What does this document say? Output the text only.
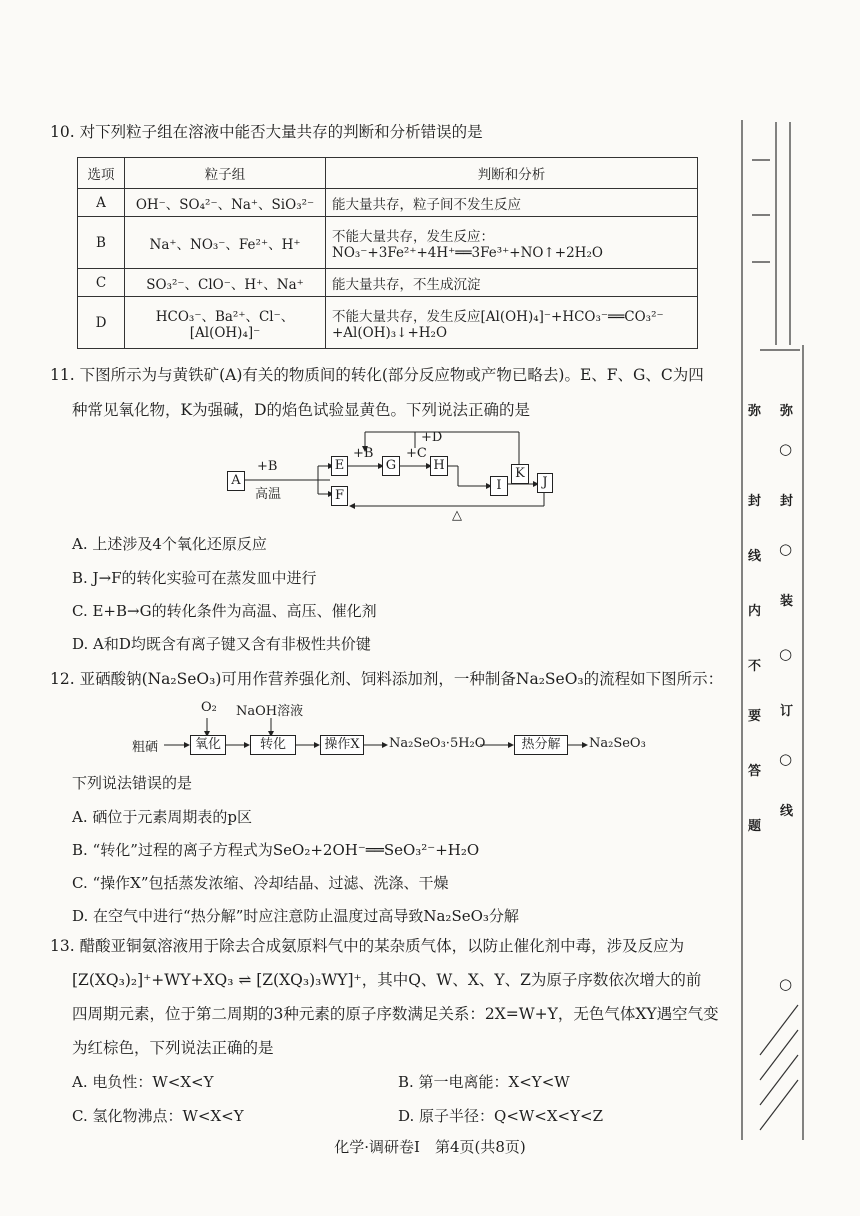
10. 对下列粒子组在溶液中能否大量共存的判断和分析错误的是
选项	粒子组	判断和分析
A	OH⁻、SO₄²⁻、Na⁺、SiO₃²⁻	能大量共存，粒子间不发生反应
B	Na⁺、NO₃⁻、Fe²⁺、H⁺	不能大量共存，发生反应：
NO₃⁻+3Fe²⁺+4H⁺══3Fe³⁺+NO↑+2H₂O

C	SO₃²⁻、ClO⁻、H⁺、Na⁺	能大量共存，不生成沉淀
D	HCO₃⁻、Ba²⁺、Cl⁻、[Al(OH)₄]⁻	不能大量共存，发生反应[Al(OH)₄]⁻+HCO₃⁻══CO₃²⁻
+Al(OH)₃↓+H₂O
11. 下图所示为与黄铁矿(A)有关的物质间的转化(部分反应物或产物已略去)。E、F、G、C为四
种常见氧化物，K为强碱，D的焰色试验显黄色。下列说法正确的是
A
E
F
G	H
I
K
J
+B
高温
+B	+C
+D
△
A. 上述涉及4个氧化还原反应
B. J→F的转化实验可在蒸发皿中进行
C. E+B→G的转化条件为高温、高压、催化剂
D. A和D均既含有离子键又含有非极性共价键
12. 亚硒酸钠(Na₂SeO₃)可用作营养强化剂、饲料添加剂，一种制备Na₂SeO₃的流程如下图所示：
O₂ NaOH溶液
粗硒	氧化	转化	操作X	Na₂SeO₃·5H₂O	热分解	Na₂SeO₃
下列说法错误的是
A. 硒位于元素周期表的p区
B. “转化”过程的离子方程式为SeO₂+2OH⁻══SeO₃²⁻+H₂O
C. “操作X”包括蒸发浓缩、冷却结晶、过滤、洗涤、干燥
D. 在空气中进行“热分解”时应注意防止温度过高导致Na₂SeO₃分解
13. 醋酸亚铜氨溶液用于除去合成氨原料气中的某杂质气体，以防止催化剂中毒，涉及反应为
[Z(XQ₃)₂]⁺+WY+XQ₃ ⇌ [Z(XQ₃)₃WY]⁺，其中Q、W、X、Y、Z为原子序数依次增大的前
四周期元素，位于第二周期的3种元素的原子序数满足关系：2X=W+Y，无色气体XY遇空气变
为红棕色，下列说法正确的是
A. 电负性：W<X<Y	B. 第一电离能：X<Y<W
C. 氢化物沸点：W<X<Y	D. 原子半径：Q<W<X<Y<Z
弥
封
线
内
不
要
答
题
弥
○
封
○
装
○
订
○
线
○
化学·调研卷Ⅰ　第4页(共8页)
